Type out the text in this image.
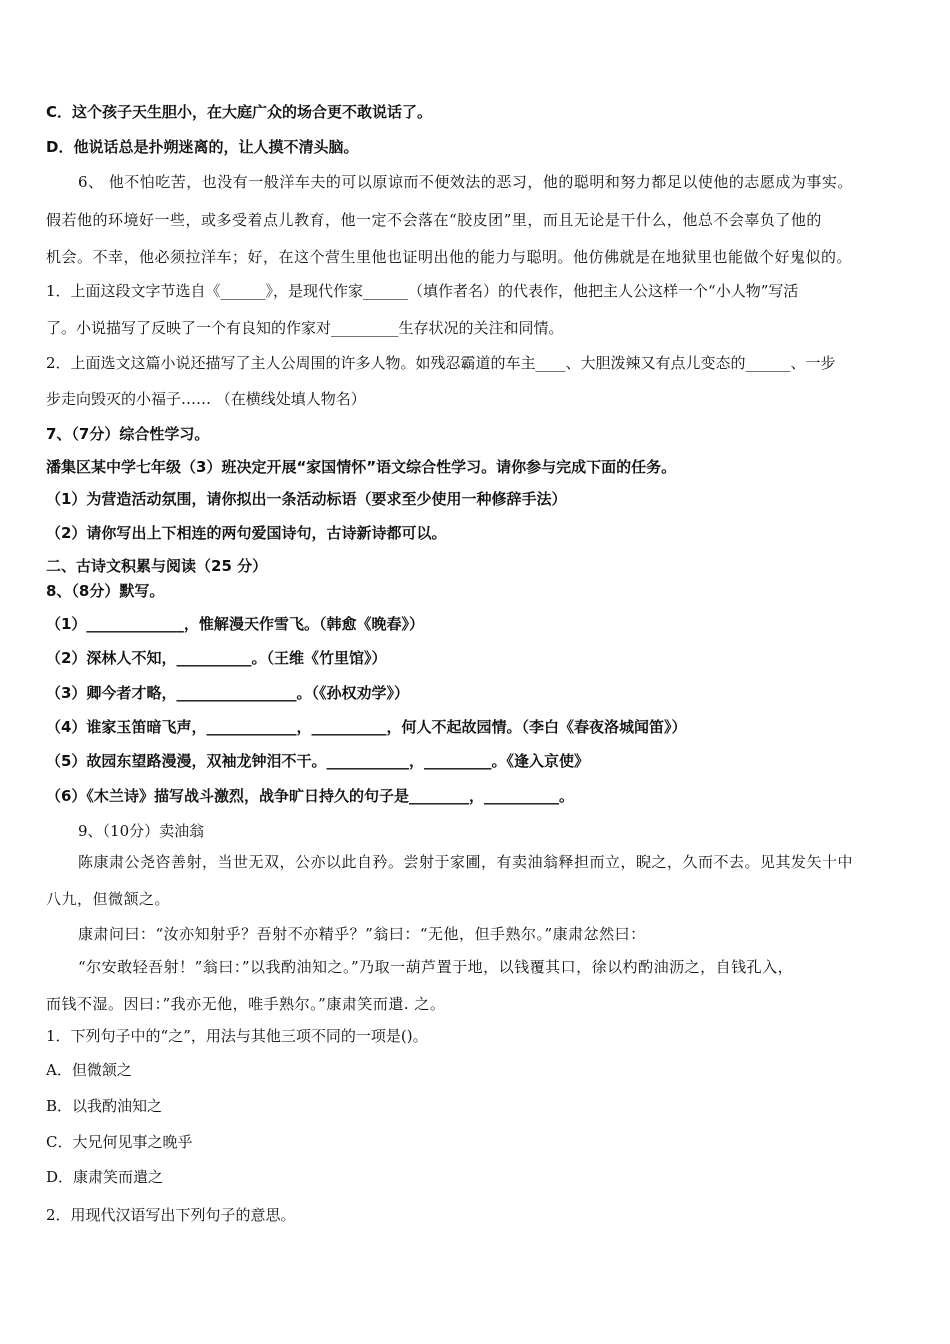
C．这个孩子天生胆小，在大庭广众的场合更不敢说话了。
D．他说话总是扑朔迷离的，让人摸不清头脑。
6、 他不怕吃苦，也没有一般洋车夫的可以原谅而不便效法的恶习，他的聪明和努力都足以使他的志愿成为事实。
假若他的环境好一些，或多受着点儿教育，他一定不会落在“胶皮团”里，而且无论是干什么，他总不会辜负了他的
机会。不幸，他必须拉洋车；好，在这个营生里他也证明出他的能力与聪明。他仿佛就是在地狱里也能做个好鬼似的。
1．上面这段文字节选自《______》，是现代作家______（填作者名）的代表作，他把主人公这样一个“小人物”写活
了。小说描写了反映了一个有良知的作家对_________生存状况的关注和同情。
2．上面选文这篇小说还描写了主人公周围的许多人物。如残忍霸道的车主____、大胆泼辣又有点儿变态的______、一步
步走向毁灭的小福子…… （在横线处填人物名）
7、（7分）综合性学习。
潘集区某中学七年级（3）班决定开展“家国情怀”语文综合性学习。请你参与完成下面的任务。
（1）为营造活动氛围，请你拟出一条活动标语（要求至少使用一种修辞手法）
（2）请你写出上下相连的两句爱国诗句，古诗新诗都可以。
二、古诗文积累与阅读（25 分）
8、（8分）默写。
（1）_____________，惟解漫天作雪飞。（韩愈《晚春》）
（2）深林人不知，__________。（王维《竹里馆》）
（3）卿今者才略，________________。（《孙权劝学》）
（4）谁家玉笛暗飞声，____________，__________，何人不起故园情。（李白《春夜洛城闻笛》）
（5）故园东望路漫漫，双袖龙钟泪不干。___________，_________。《逢入京使》
（6）《木兰诗》描写战斗激烈，战争旷日持久的句子是________，__________。
9、（10分）卖油翁
陈康肃公尧咨善射，当世无双，公亦以此自矜。尝射于家圃，有卖油翁释担而立，睨之，久而不去。见其发矢十中
八九，但微颔之。
康肃问曰：“汝亦知射乎？吾射不亦精乎？”翁曰：“无他，但手熟尔。”康肃忿然曰：
“尔安敢轻吾射！”翁曰：”以我酌油知之。”乃取一葫芦置于地，以钱覆其口，徐以杓酌油沥之，自钱孔入，
而钱不湿。因曰：”我亦无他，唯手熟尔。”康肃笑而遣. 之。
1．下列句子中的“之”，用法与其他三项不同的一项是()。
A．但微颔之
B．以我酌油知之
C．大兄何见事之晚乎
D．康肃笑而遣之
2．用现代汉语写出下列句子的意思。
